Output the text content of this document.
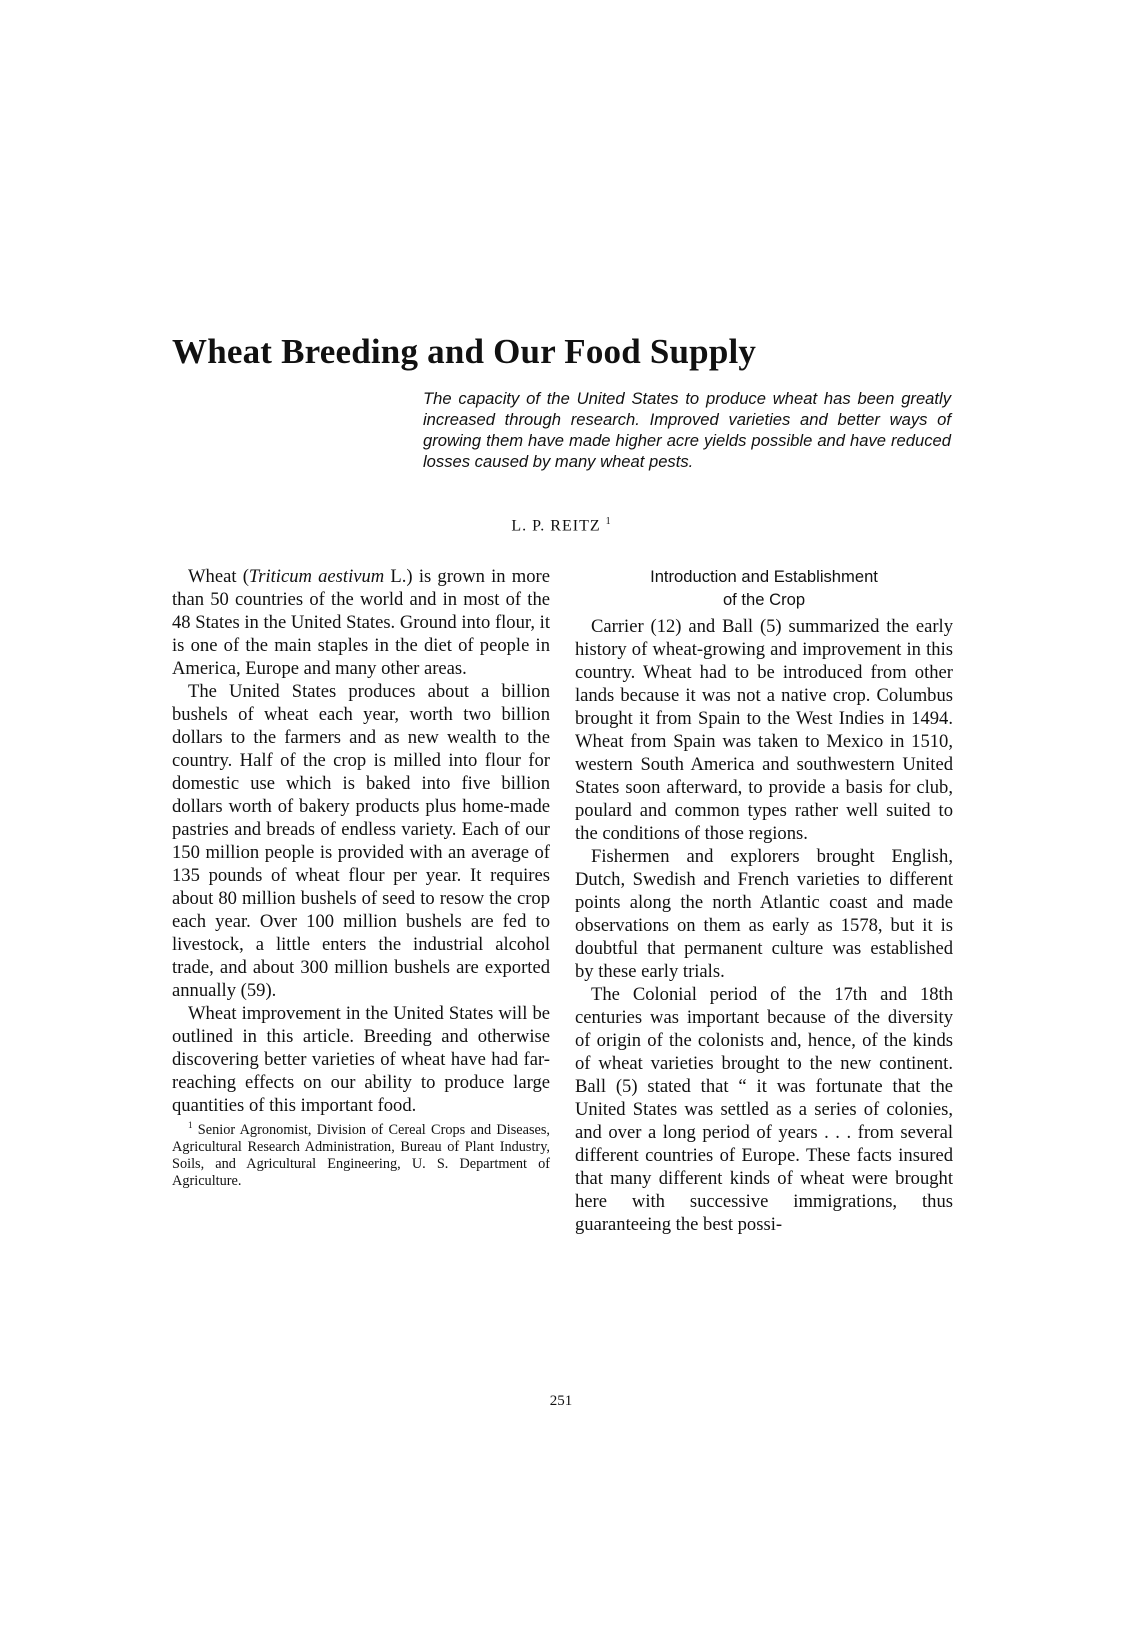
Wheat Breeding and Our Food Supply

The capacity of the United States to produce wheat has been greatly increased through research. Improved varieties and better ways of growing them have made higher acre yields possible and have reduced losses caused by many wheat pests.

L. P. REITZ $^1$

Wheat (Triticum aestivum L.) is grown in more than 50 countries of the world and in most of the 48 States in the United States. Ground into flour, it is one of the main staples in the diet of people in America, Europe and many other areas.

The United States produces about a billion bushels of wheat each year, worth two billion dollars to the farmers and as new wealth to the country. Half of the crop is milled into flour for domestic use which is baked into five billion dollars worth of bakery products plus home-made pastries and breads of endless variety. Each of our 150 million people is provided with an average of 135 pounds of wheat flour per year. It requires about 80 million bushels of seed to resow the crop each year. Over 100 million bushels are fed to livestock, a little enters the industrial alcohol trade, and about 300 million bushels are exported annually (59).

Wheat improvement in the United States will be outlined in this article. Breeding and otherwise discovering better varieties of wheat have had far-reaching effects on our ability to produce large quantities of this important food.

$^1$ Senior Agronomist, Division of Cereal Crops and Diseases, Agricultural Research Administration, Bureau of Plant Industry, Soils, and Agricultural Engineering, U. S. Department of Agriculture.

Introduction and Establishment
of the Crop

Carrier (12) and Ball (5) summarized the early history of wheat-growing and improvement in this country. Wheat had to be introduced from other lands because it was not a native crop. Columbus brought it from Spain to the West Indies in 1494. Wheat from Spain was taken to Mexico in 1510, western South America and southwestern United States soon afterward, to provide a basis for club, poulard and common types rather well suited to the conditions of those regions.

Fishermen and explorers brought English, Dutch, Swedish and French varieties to different points along the north Atlantic coast and made observations on them as early as 1578, but it is doubtful that permanent culture was established by these early trials.

The Colonial period of the 17th and 18th centuries was important because of the diversity of origin of the colonists and, hence, of the kinds of wheat varieties brought to the new continent. Ball (5) stated that “ it was fortunate that the United States was settled as a series of colonies, and over a long period of years . . . from several different countries of Europe. These facts insured that many different kinds of wheat were brought here with successive immigrations, thus guaranteeing the best possi-

251
